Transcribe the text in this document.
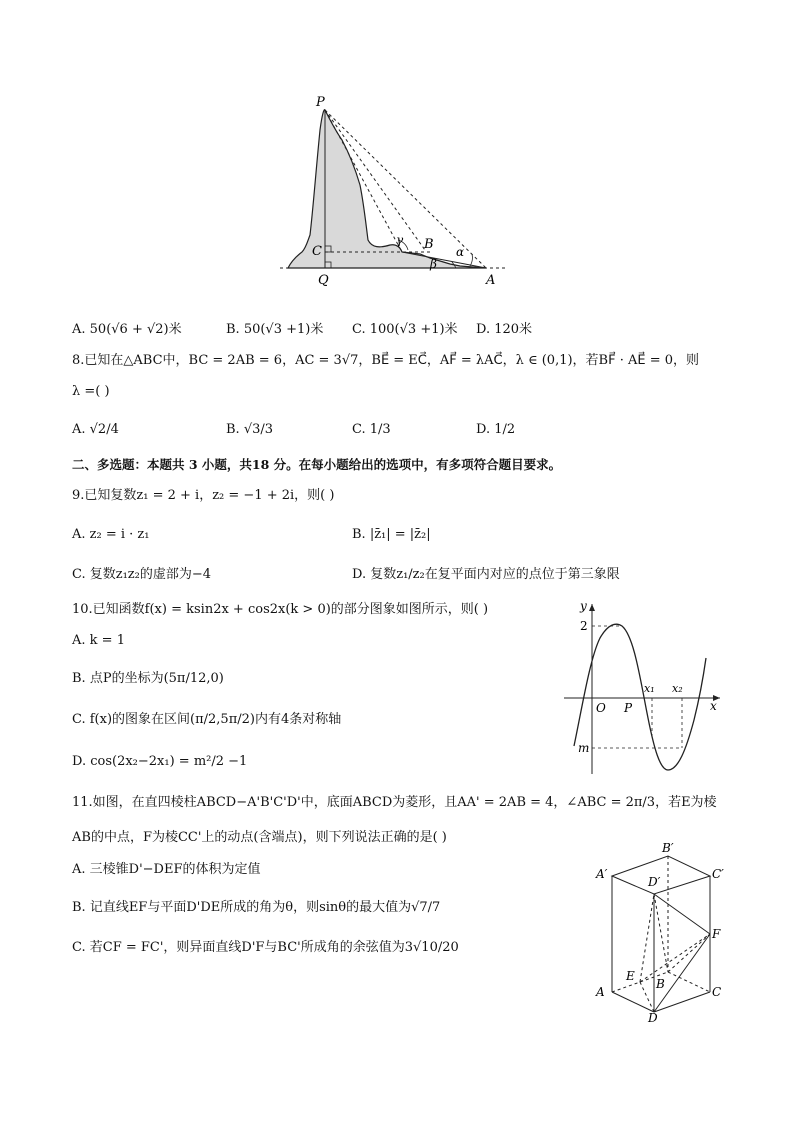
P
C
Q
B
A
γ
α
β
A. 50(√6 + √2)米	B. 50(√3 +1)米 C. 100(√3 +1)米 D. 120米
8.已知在△ABC中，BC = 2AB = 6，AC = 3√7，BE⃗ = EC⃗，AF⃗ = λAC⃗，λ ∈ (0,1)，若BF⃗ · AE⃗ = 0，则
λ =( )
A. √2/4	B. √3/3	C. 1/3	D. 1/2
二、多选题：本题共 3 小题，共18 分。在每小题给出的选项中，有多项符合题目要求。
9.已知复数z₁ = 2 + i，z₂ = −1 + 2i，则( )
A. z₂ = i · z₁	B. |z̄₁| = |z̄₂|
C. 复数z₁z₂的虚部为−4	D. 复数z₁/z₂在复平面内对应的点位于第三象限
10.已知函数f(x) = ksin2x + cos2x(k > 0)的部分图象如图所示，则( )
A. k = 1
B. 点P的坐标为(5π/12,0)
C. f(x)的图象在区间(π/2,5π/2)内有4条对称轴
D. cos(2x₂−2x₁) = m²/2 −1
y
x
2
O P
x₁ x₂
m
11.如图，在直四棱柱ABCD−A'B'C'D'中，底面ABCD为菱形，且AA' = 2AB = 4，∠ABC = 2π/3，若E为棱
AB的中点，F为棱CC'上的动点(含端点)，则下列说法正确的是( )
A. 三棱锥D'−DEF的体积为定值
B. 记直线EF与平面D'DE所成的角为θ，则sinθ的最大值为√7/7
C. 若CF = FC'，则异面直线D'F与BC'所成角的余弦值为3√10/20
A′
B′
C′
D′
A
B
C
D
E
F
